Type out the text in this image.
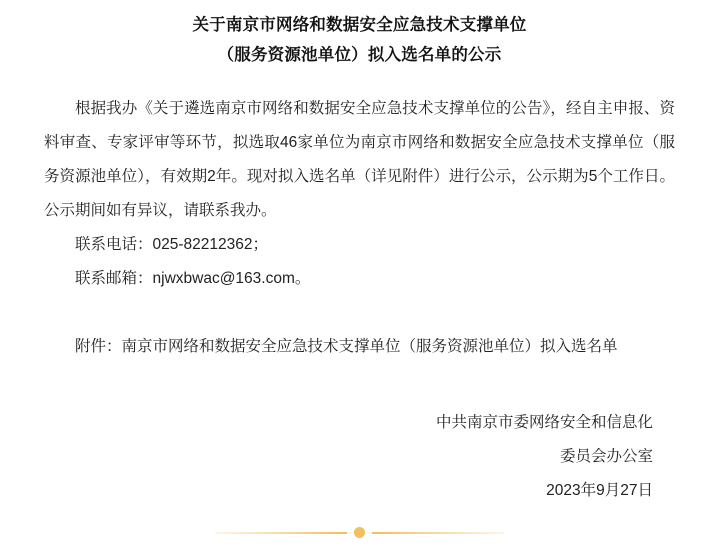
关于南京市网络和数据安全应急技术支撑单位
（服务资源池单位）拟入选名单的公示
根据我办《关于遴选南京市网络和数据安全应急技术支撑单位的公告》，经自主申报、资料审查、专家评审等环节，拟选取46家单位为南京市网络和数据安全应急技术支撑单位（服务资源池单位），有效期2年。现对拟入选名单（详见附件）进行公示，公示期为5个工作日。公示期间如有异议，请联系我办。
联系电话：025-82212362；
联系邮箱：njwxbwac@163.com。
附件：南京市网络和数据安全应急技术支撑单位（服务资源池单位）拟入选名单
中共南京市委网络安全和信息化
委员会办公室
2023年9月27日
